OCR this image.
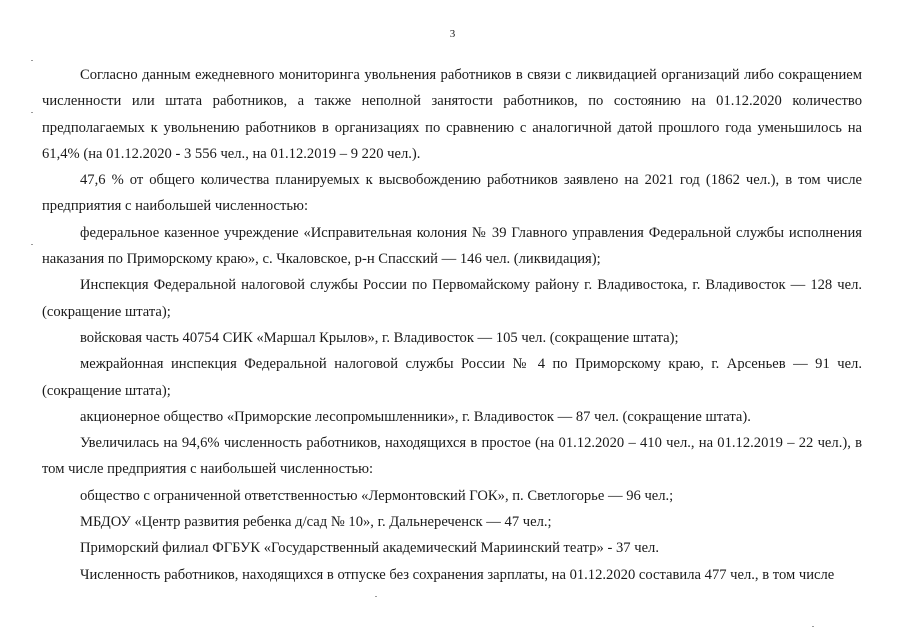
3

Согласно данным ежедневного мониторинга увольнения работников в связи с ликвидацией организаций либо сокращением численности или штата работников, а также неполной занятости работников, по состоянию на 01.12.2020 количество предполагаемых к увольнению работников в организациях по сравнению с аналогичной датой прошлого года уменьшилось на 61,4% (на 01.12.2020 - 3 556 чел., на 01.12.2019 – 9 220 чел.).

47,6 % от общего количества планируемых к высвобождению работников заявлено на 2021 год (1862 чел.), в том числе предприятия с наибольшей численностью:

федеральное казенное учреждение «Исправительная колония № 39 Главного управления Федеральной службы исполнения наказания по Приморскому краю», с. Чкаловское, р-н Спасский — 146 чел. (ликвидация);

Инспекция Федеральной налоговой службы России по Первомайскому району г. Владивостока, г. Владивосток — 128 чел. (сокращение штата);

войсковая часть 40754 СИК «Маршал Крылов», г. Владивосток — 105 чел. (сокращение штата);

межрайонная инспекция Федеральной налоговой службы России № 4 по Приморскому краю, г. Арсеньев — 91 чел. (сокращение штата);

акционерное общество «Приморские лесопромышленники», г. Владивосток — 87 чел. (сокращение штата).

Увеличилась на 94,6% численность работников, находящихся в простое (на 01.12.2020 – 410 чел., на 01.12.2019 – 22 чел.), в том числе предприятия с наибольшей численностью:

общество с ограниченной ответственностью «Лермонтовский ГОК», п. Светлогорье — 96 чел.;

МБДОУ «Центр развития ребенка д/сад № 10», г. Дальнереченск — 47 чел.;

Приморский филиал ФГБУК «Государственный академический Мариинский театр» - 37 чел.

Численность работников, находящихся в отпуске без сохранения зарплаты, на 01.12.2020 составила 477 чел., в том числе
